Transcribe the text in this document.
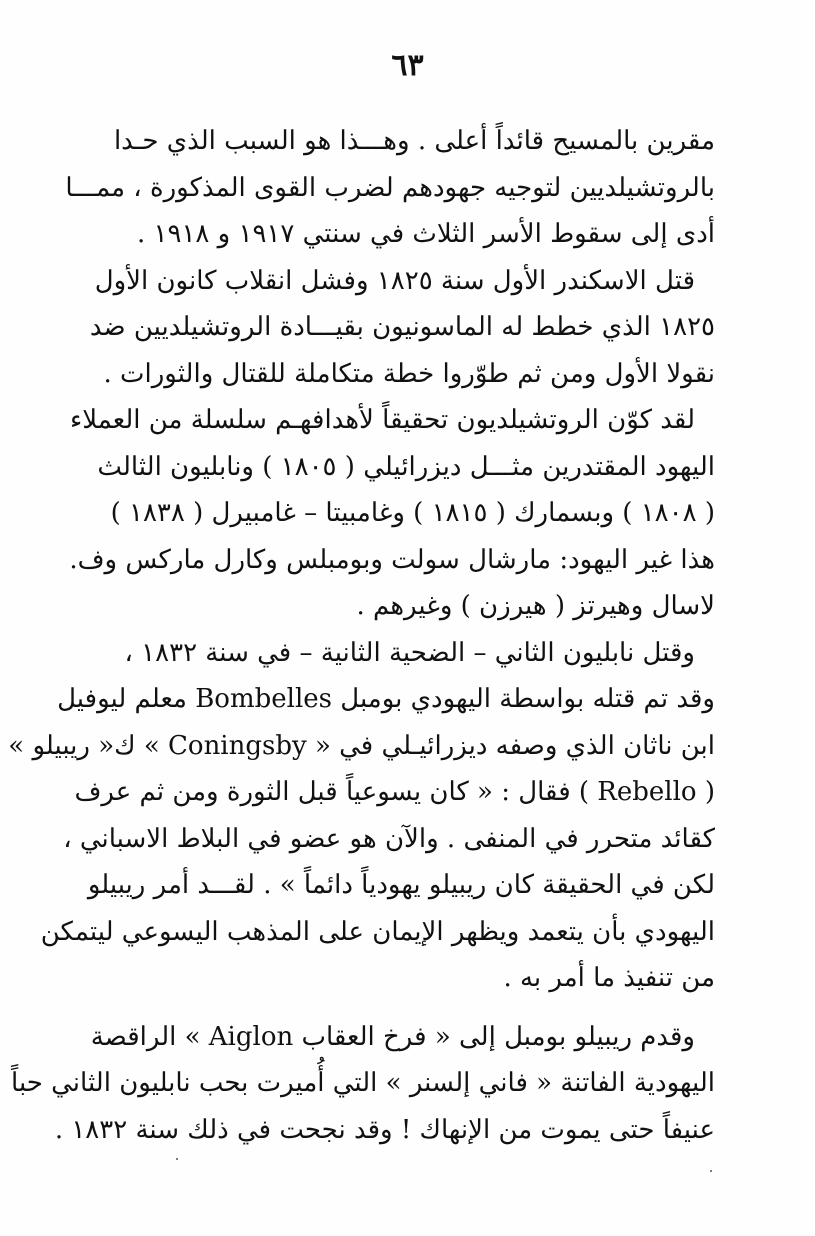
٦٣
مقرين بالمسيح قائداً أعلى . وهـــذا هو السبب الذي حـدا
بالروتشيلديين لتوجيه جهودهم لضرب القوى المذكورة ، ممـــا
أدى إلى سقوط الأسر الثلاث في سنتي ١٩١٧ و ١٩١٨ .
قتل الاسكندر الأول سنة ١٨٢٥ وفشل انقلاب كانون الأول
١٨٢٥ الذي خطط له الماسونيون بقيـــادة الروتشيلديين ضد
نقولا الأول ومن ثم طوّروا خطة متكاملة للقتال والثورات .
لقد كوّن الروتشيلديون تحقيقاً لأهدافهـم سلسلة من العملاء
اليهود المقتدرين مثـــل ديزرائيلي ( ١٨٠٥ ) ونابليون الثالث
( ١٨٠٨ ) وبسمارك ( ١٨١٥ ) وغامبيتا – غامبيرل ( ١٨٣٨ )
هذا غير اليهود: مارشال سولت وبومبلس وكارل ماركس وف.
لاسال وهيرتز ( هيرزن ) وغيرهم .
وقتل نابليون الثاني – الضحية الثانية – في سنة ١٨٣٢ ،
وقد تم قتله بواسطة اليهودي بومبل Bombelles معلم ليوفيل
ابن ناثان الذي وصفه ديزرائيـلي في « Coningsby » ك« ريبيلو »
( Rebello ) فقال : « كان يسوعياً قبل الثورة ومن ثم عرف
كقائد متحرر في المنفى . والآن هو عضو في البلاط الاسباني ،
لكن في الحقيقة كان ريبيلو يهودياً دائماً » . لقـــد أمر ريبيلو
اليهودي بأن يتعمد ويظهر الإيمان على المذهب اليسوعي ليتمكن
من تنفيذ ما أمر به .
وقدم ريبيلو بومبل إلى « فرخ العقاب Aiglon » الراقصة
اليهودية الفاتنة « فاني إلسنر » التي أُميرت بحب نابليون الثاني حباً
عنيفاً حتى يموت من الإنهاك ! وقد نجحت في ذلك سنة ١٨٣٢ .
